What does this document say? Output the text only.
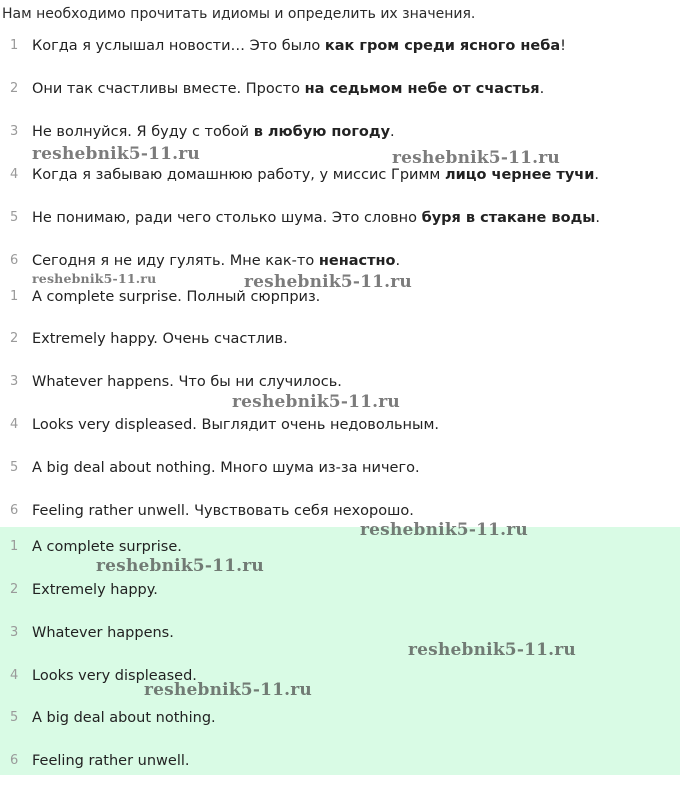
Нам необходимо прочитать идиомы и определить их значения.
1 Когда я услышал новости… Это было как гром среди ясного неба!
2 Они так счастливы вместе. Просто на седьмом небе от счастья.
3 Не волнуйся. Я буду с тобой в любую погоду.
4 Когда я забываю домашнюю работу, у миссис Гримм лицо чернее тучи.
5 Не понимаю, ради чего столько шума. Это словно буря в стакане воды.
6 Сегодня я не иду гулять. Мне как-то ненастно.
1 A complete surprise. Полный сюрприз.
2 Extremely happy. Очень счастлив.
3 Whatever happens. Что бы ни случилось.
4 Looks very displeased. Выглядит очень недовольным.
5 A big deal about nothing. Много шума из-за ничего.
6 Feeling rather unwell. Чувствовать себя нехорошо.
1 A complete surprise.
2 Extremely happy.
3 Whatever happens.
4 Looks very displeased.
5 A big deal about nothing.
6 Feeling rather unwell.
reshebnik5-11.ru	reshebnik5-11.ru
reshebnik5-11.ru	reshebnik5-11.ru
reshebnik5-11.ru
reshebnik5-11.ru
reshebnik5-11.ru
reshebnik5-11.ru
reshebnik5-11.ru
